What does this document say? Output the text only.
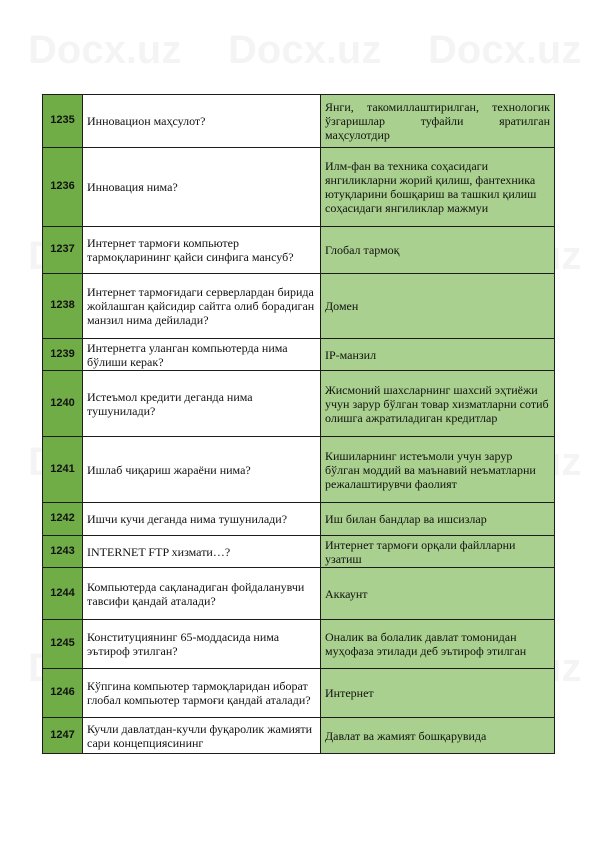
1235	Инновацион маҳсулот?	Янги, такомиллаштирилган, технологик ўзгаришлар туфайли яратилган маҳсулотдир
1236	Инновация нима?	Илм-фан ва техника соҳасидаги янгиликларни жорий қилиш, фантехника ютуқларини бошқариш ва ташкил қилиш соҳасидаги янгиликлар мажмуи
1237	Интернет тармоғи компьютер тармоқларининг қайси синфига мансуб?	Глобал тармоқ
1238	Интернет тармоғидаги серверлардан бирида жойлашган қайсидир сайтга олиб борадиган манзил нима дейилади?	Домен
1239	Интернетга уланган компьютерда нима бўлиши керак?	IP-манзил
1240	Истеъмол кредити деганда нима тушунилади?	Жисмоний шахсларнинг шахсий эҳтиёжи учун зарур бўлган товар хизматларни сотиб олишга ажратиладиган кредитлар
1241	Ишлаб чиқариш жараёни нима?	Кишиларнинг истеъмоли учун зарур бўлган моддий ва маънавий неъматларни режалаштирувчи фаолият
1242	Ишчи кучи деганда нима тушунилади?	Иш билан бандлар ва ишсизлар
1243	INTERNET FTP хизмати…?	Интернет тармоғи орқали файлларни узатиш
1244	Компьютерда сақланадиган фойдаланувчи тавсифи қандай аталади?	Аккаунт
1245	Конституциянинг 65-моддасида нима эътироф этилган?	Оналик ва болалик давлат томонидан муҳофаза этилади деб эътироф этилган
1246	Кўпгина компьютер тармоқларидан иборат глобал компьютер тармоғи қандай аталади?	Интернет
1247	Кучли давлатдан-кучли фуқаролик жамияти сари концепциясининг	Давлат ва жамият бошқарувида
